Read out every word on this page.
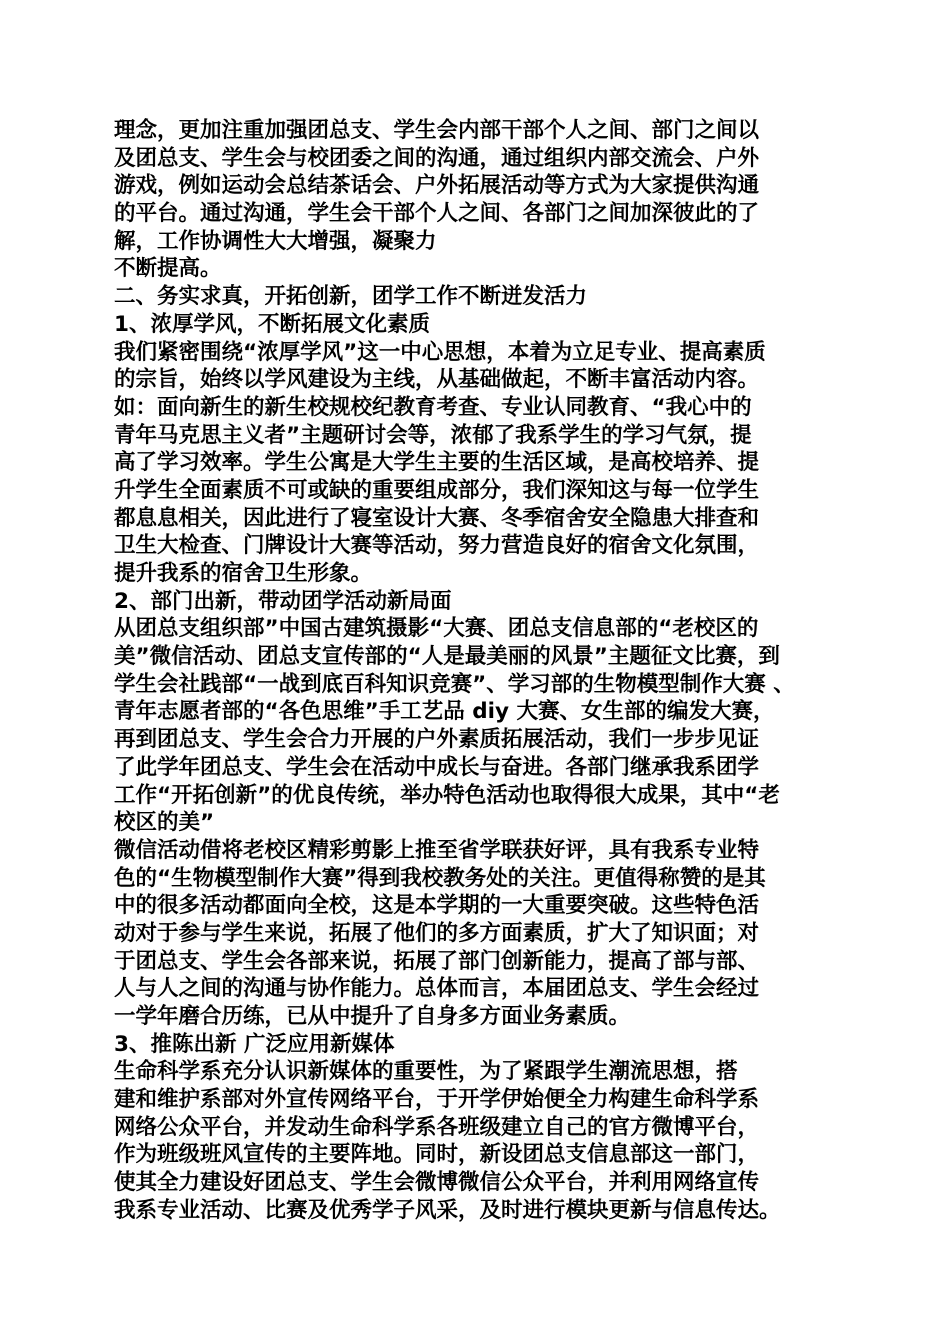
理念，更加注重加强团总支、学生会内部干部个人之间、部门之间以
及团总支、学生会与校团委之间的沟通，通过组织内部交流会、户外
游戏，例如运动会总结茶话会、户外拓展活动等方式为大家提供沟通
的平台。通过沟通，学生会干部个人之间、各部门之间加深彼此的了
解，工作协调性大大增强，凝聚力
不断提高。
二、务实求真，开拓创新，团学工作不断迸发活力
1、浓厚学风，不断拓展文化素质
我们紧密围绕“浓厚学风”这一中心思想，本着为立足专业、提高素质
的宗旨，始终以学风建设为主线，从基础做起，不断丰富活动内容。
如：面向新生的新生校规校纪教育考查、专业认同教育、“我心中的
青年马克思主义者”主题研讨会等，浓郁了我系学生的学习气氛，提
高了学习效率。学生公寓是大学生主要的生活区域，是高校培养、提
升学生全面素质不可或缺的重要组成部分，我们深知这与每一位学生
都息息相关，因此进行了寝室设计大赛、冬季宿舍安全隐患大排查和
卫生大检查、门牌设计大赛等活动，努力营造良好的宿舍文化氛围，
提升我系的宿舍卫生形象。
2、部门出新，带动团学活动新局面
从团总支组织部”中国古建筑摄影“大赛、团总支信息部的“老校区的
美”微信活动、团总支宣传部的“人是最美丽的风景”主题征文比赛，到
学生会社践部“一战到底百科知识竞赛”、学习部的生物模型制作大赛 、
青年志愿者部的“各色思维”手工艺品 diy 大赛、女生部的编发大赛，
再到团总支、学生会合力开展的户外素质拓展活动，我们一步步见证
了此学年团总支、学生会在活动中成长与奋进。各部门继承我系团学
工作“开拓创新”的优良传统，举办特色活动也取得很大成果，其中“老
校区的美”
微信活动借将老校区精彩剪影上推至省学联获好评，具有我系专业特
色的“生物模型制作大赛”得到我校教务处的关注。更值得称赞的是其
中的很多活动都面向全校，这是本学期的一大重要突破。这些特色活
动对于参与学生来说，拓展了他们的多方面素质，扩大了知识面；对
于团总支、学生会各部来说，拓展了部门创新能力，提高了部与部、
人与人之间的沟通与协作能力。总体而言，本届团总支、学生会经过
一学年磨合历练，已从中提升了自身多方面业务素质。
3、推陈出新 广泛应用新媒体
生命科学系充分认识新媒体的重要性，为了紧跟学生潮流思想，搭
建和维护系部对外宣传网络平台，于开学伊始便全力构建生命科学系
网络公众平台，并发动生命科学系各班级建立自己的官方微博平台，
作为班级班风宣传的主要阵地。同时，新设团总支信息部这一部门，
使其全力建设好团总支、学生会微博微信公众平台，并利用网络宣传
我系专业活动、比赛及优秀学子风采，及时进行模块更新与信息传达。
